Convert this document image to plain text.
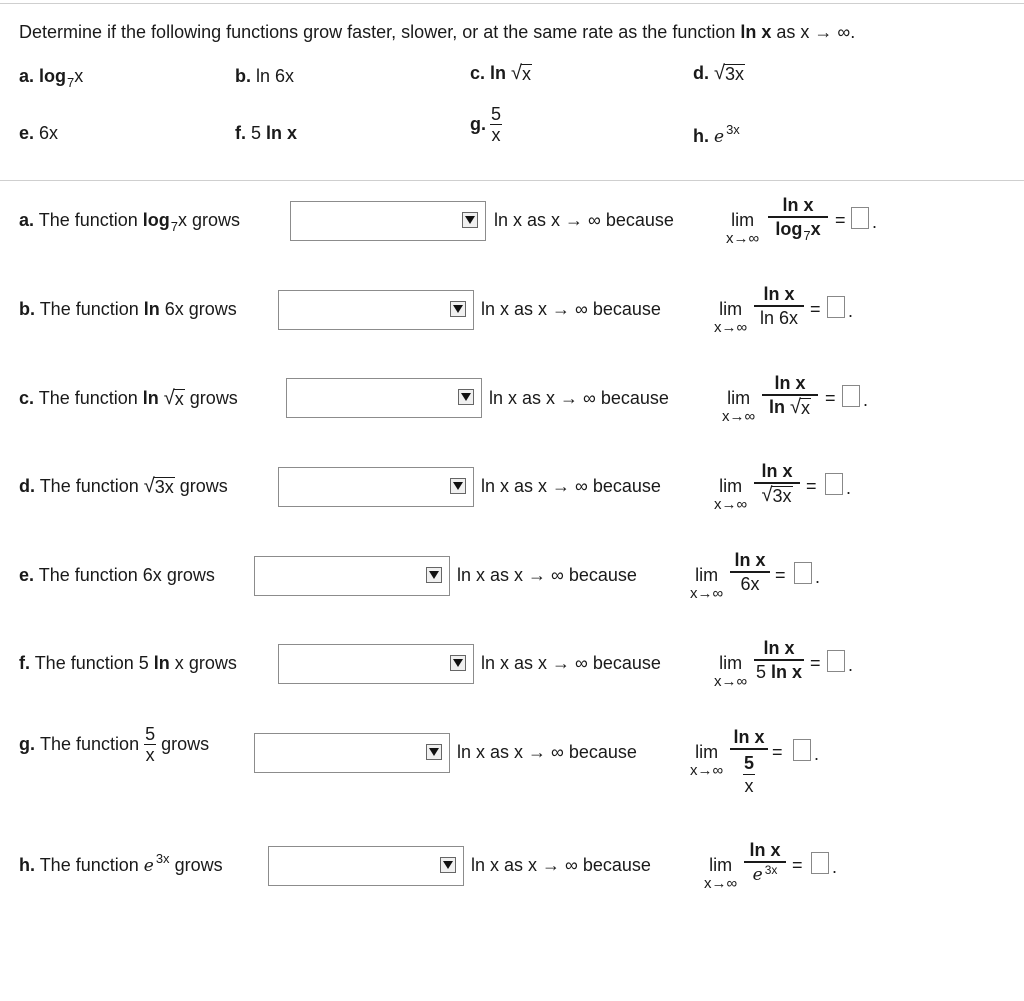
Determine if the following functions grow faster, slower, or at the same rate as the function ln x as x → ∞.
a. $\log_7x$	b. ln 6x	c. ln √ x	d. √ 3x
e. 6x	f. 5 ln x	g. $\frac{5}{x}$	h. e $^{3x}$
a. The function $\log_7x$ grows	ln x as x → ∞ because	lim
x→∞
ln x
$\log_7x$ = .
b. The function ln 6x grows	ln x as x → ∞ because	lim
x→∞
ln x
ln 6x = .
c. The function ln √ x grows	ln x as x → ∞ because	lim
x→∞
ln x
ln √ x = .
d. The function √ 3x grows	ln x as x → ∞ because	lim
x→∞
ln x
√ 3x = .
e. The function 6x grows	ln x as x → ∞ because	lim
x→∞
ln x
6x = .
f. The function 5 ln x grows	ln x as x → ∞ because	lim
x→∞
ln x
5 ln x = .
g.
The function
$\frac{5}{x}$
grows	ln x as x → ∞ because	lim
x→∞
ln x
$\frac{5}{x}$ = .
h. The function e $^{3x}$ grows	ln x as x → ∞ because	lim
x→∞
ln x
e $^{3x}$ = .
